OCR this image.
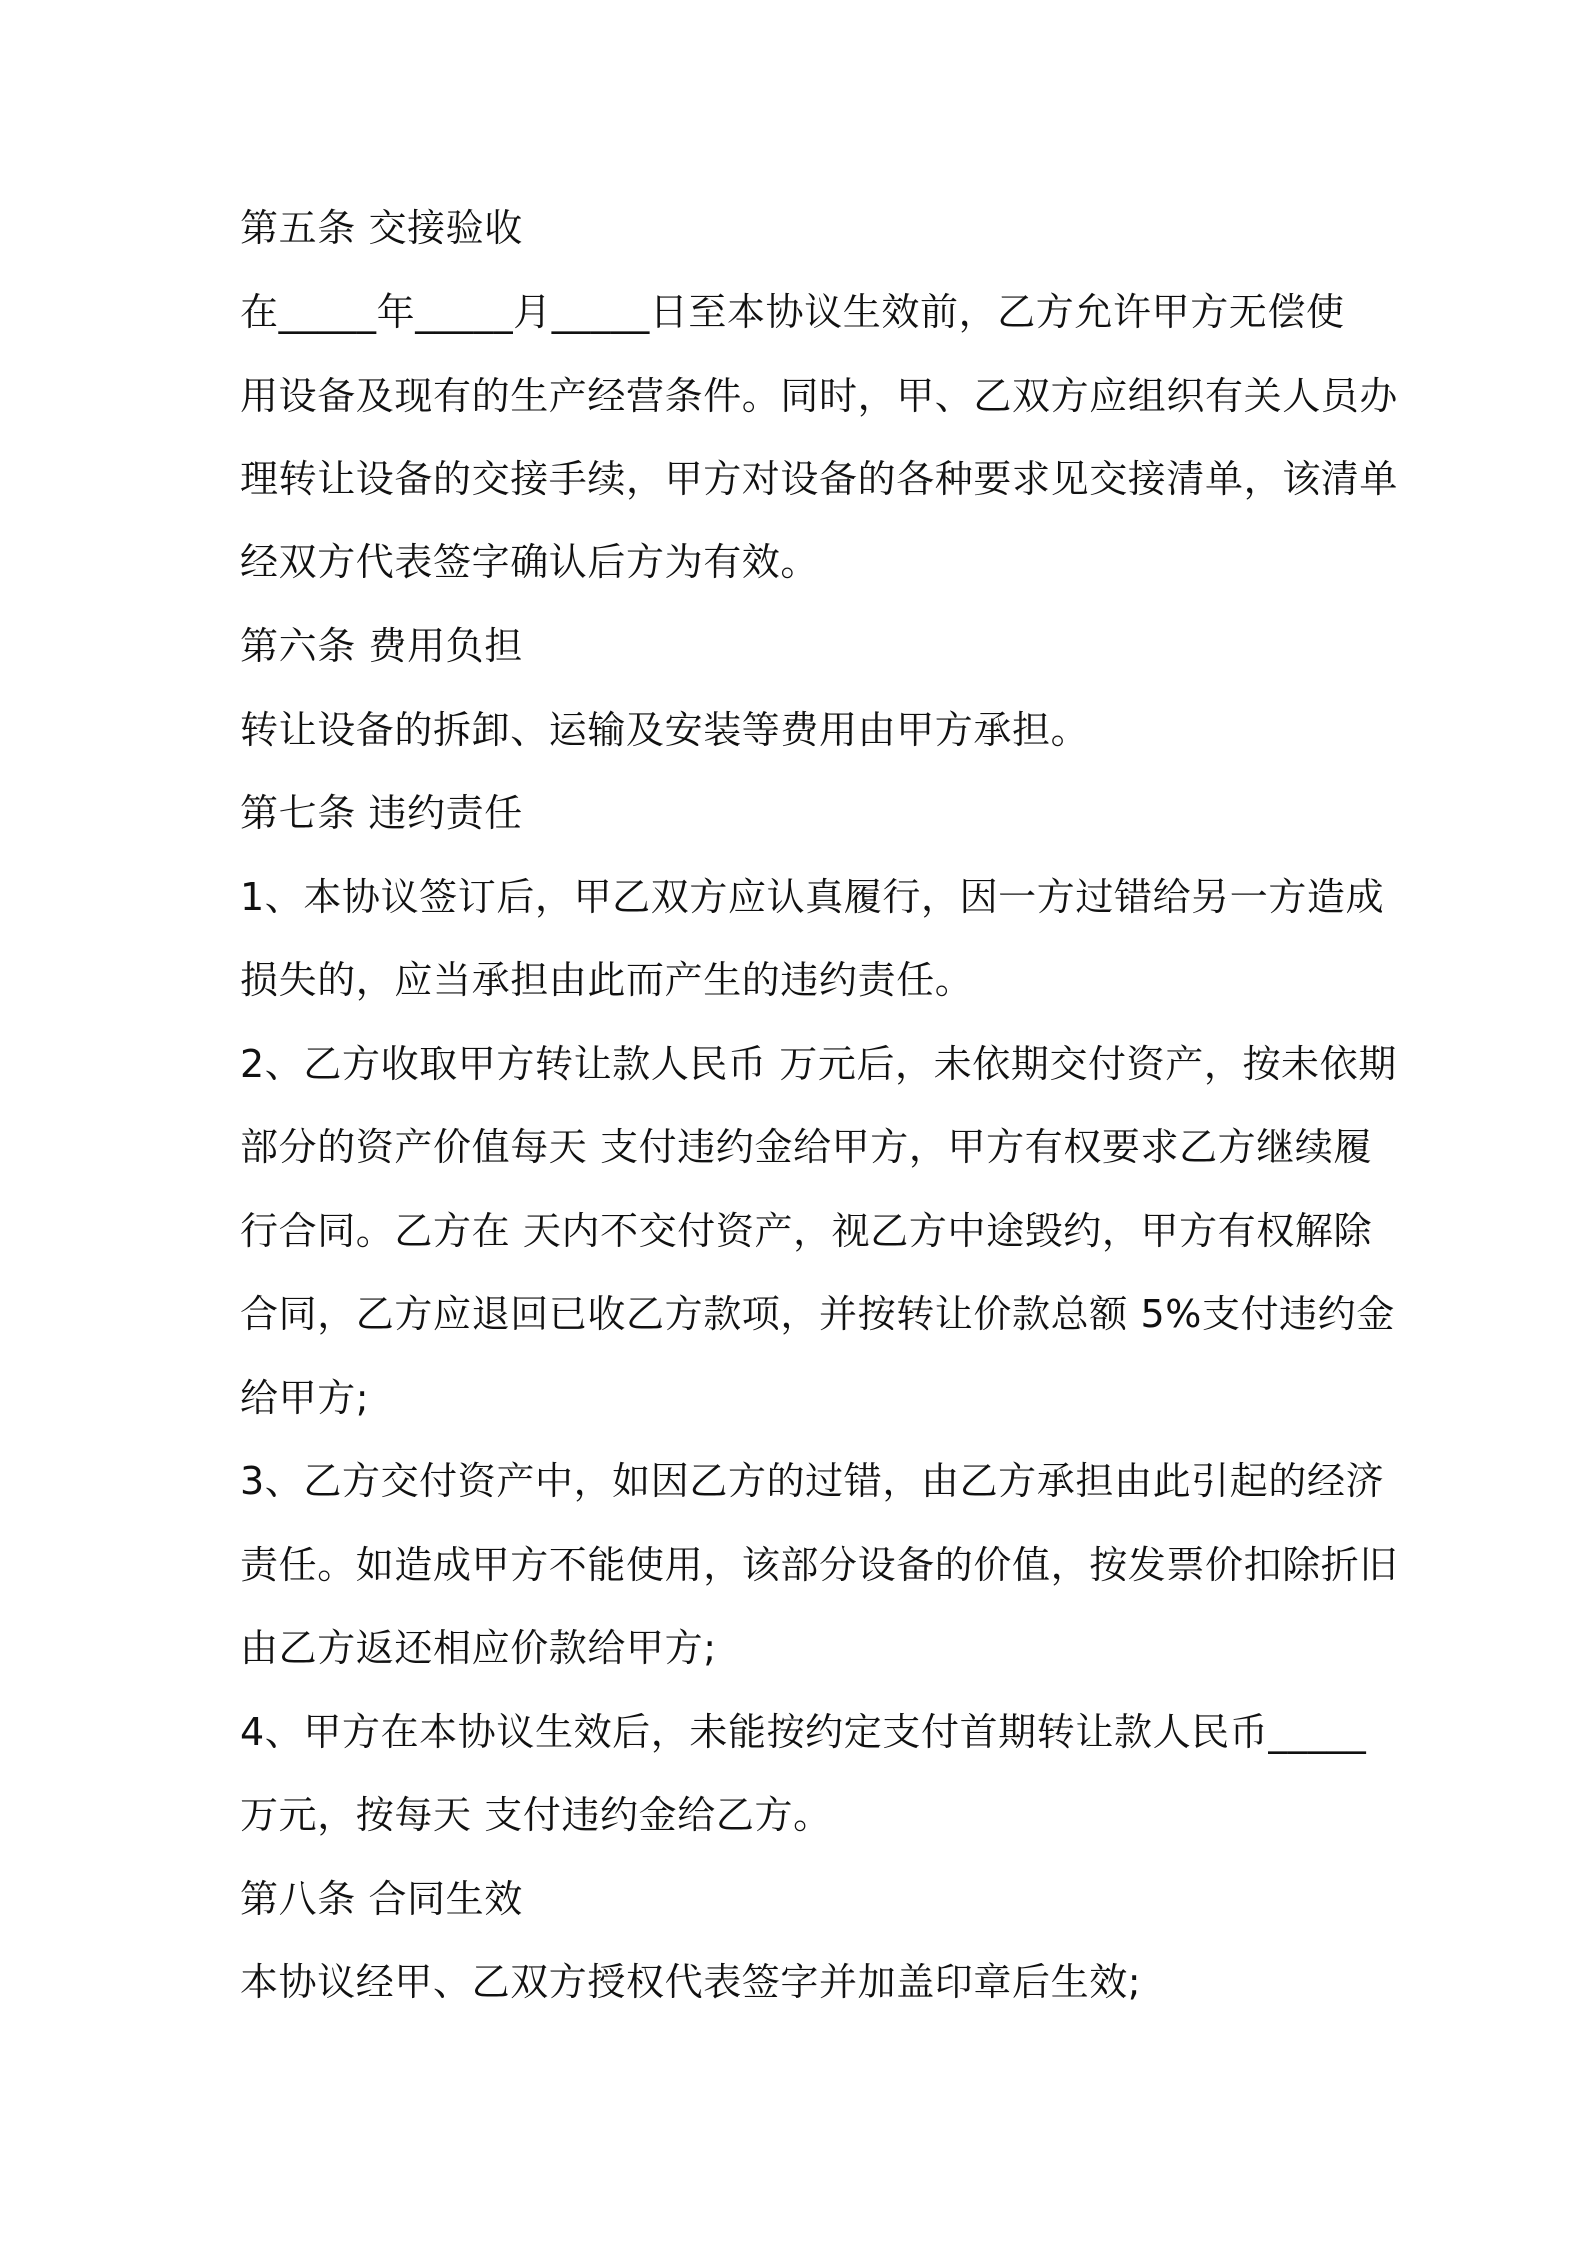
第五条 交接验收
在_____年_____月_____日至本协议生效前，乙方允许甲方无偿使
用设备及现有的生产经营条件。同时，甲、乙双方应组织有关人员办
理转让设备的交接手续，甲方对设备的各种要求见交接清单，该清单
经双方代表签字确认后方为有效。
第六条 费用负担
转让设备的拆卸、运输及安装等费用由甲方承担。
第七条 违约责任
1、本协议签订后，甲乙双方应认真履行，因一方过错给另一方造成
损失的，应当承担由此而产生的违约责任。
2、乙方收取甲方转让款人民币 万元后，未依期交付资产，按未依期
部分的资产价值每天 支付违约金给甲方，甲方有权要求乙方继续履
行合同。乙方在 天内不交付资产，视乙方中途毁约，甲方有权解除
合同，乙方应退回已收乙方款项，并按转让价款总额 5%支付违约金
给甲方;
3、乙方交付资产中，如因乙方的过错，由乙方承担由此引起的经济
责任。如造成甲方不能使用，该部分设备的价值，按发票价扣除折旧
由乙方返还相应价款给甲方;
4、甲方在本协议生效后，未能按约定支付首期转让款人民币_____
万元，按每天 支付违约金给乙方。
第八条 合同生效
本协议经甲、乙双方授权代表签字并加盖印章后生效;
